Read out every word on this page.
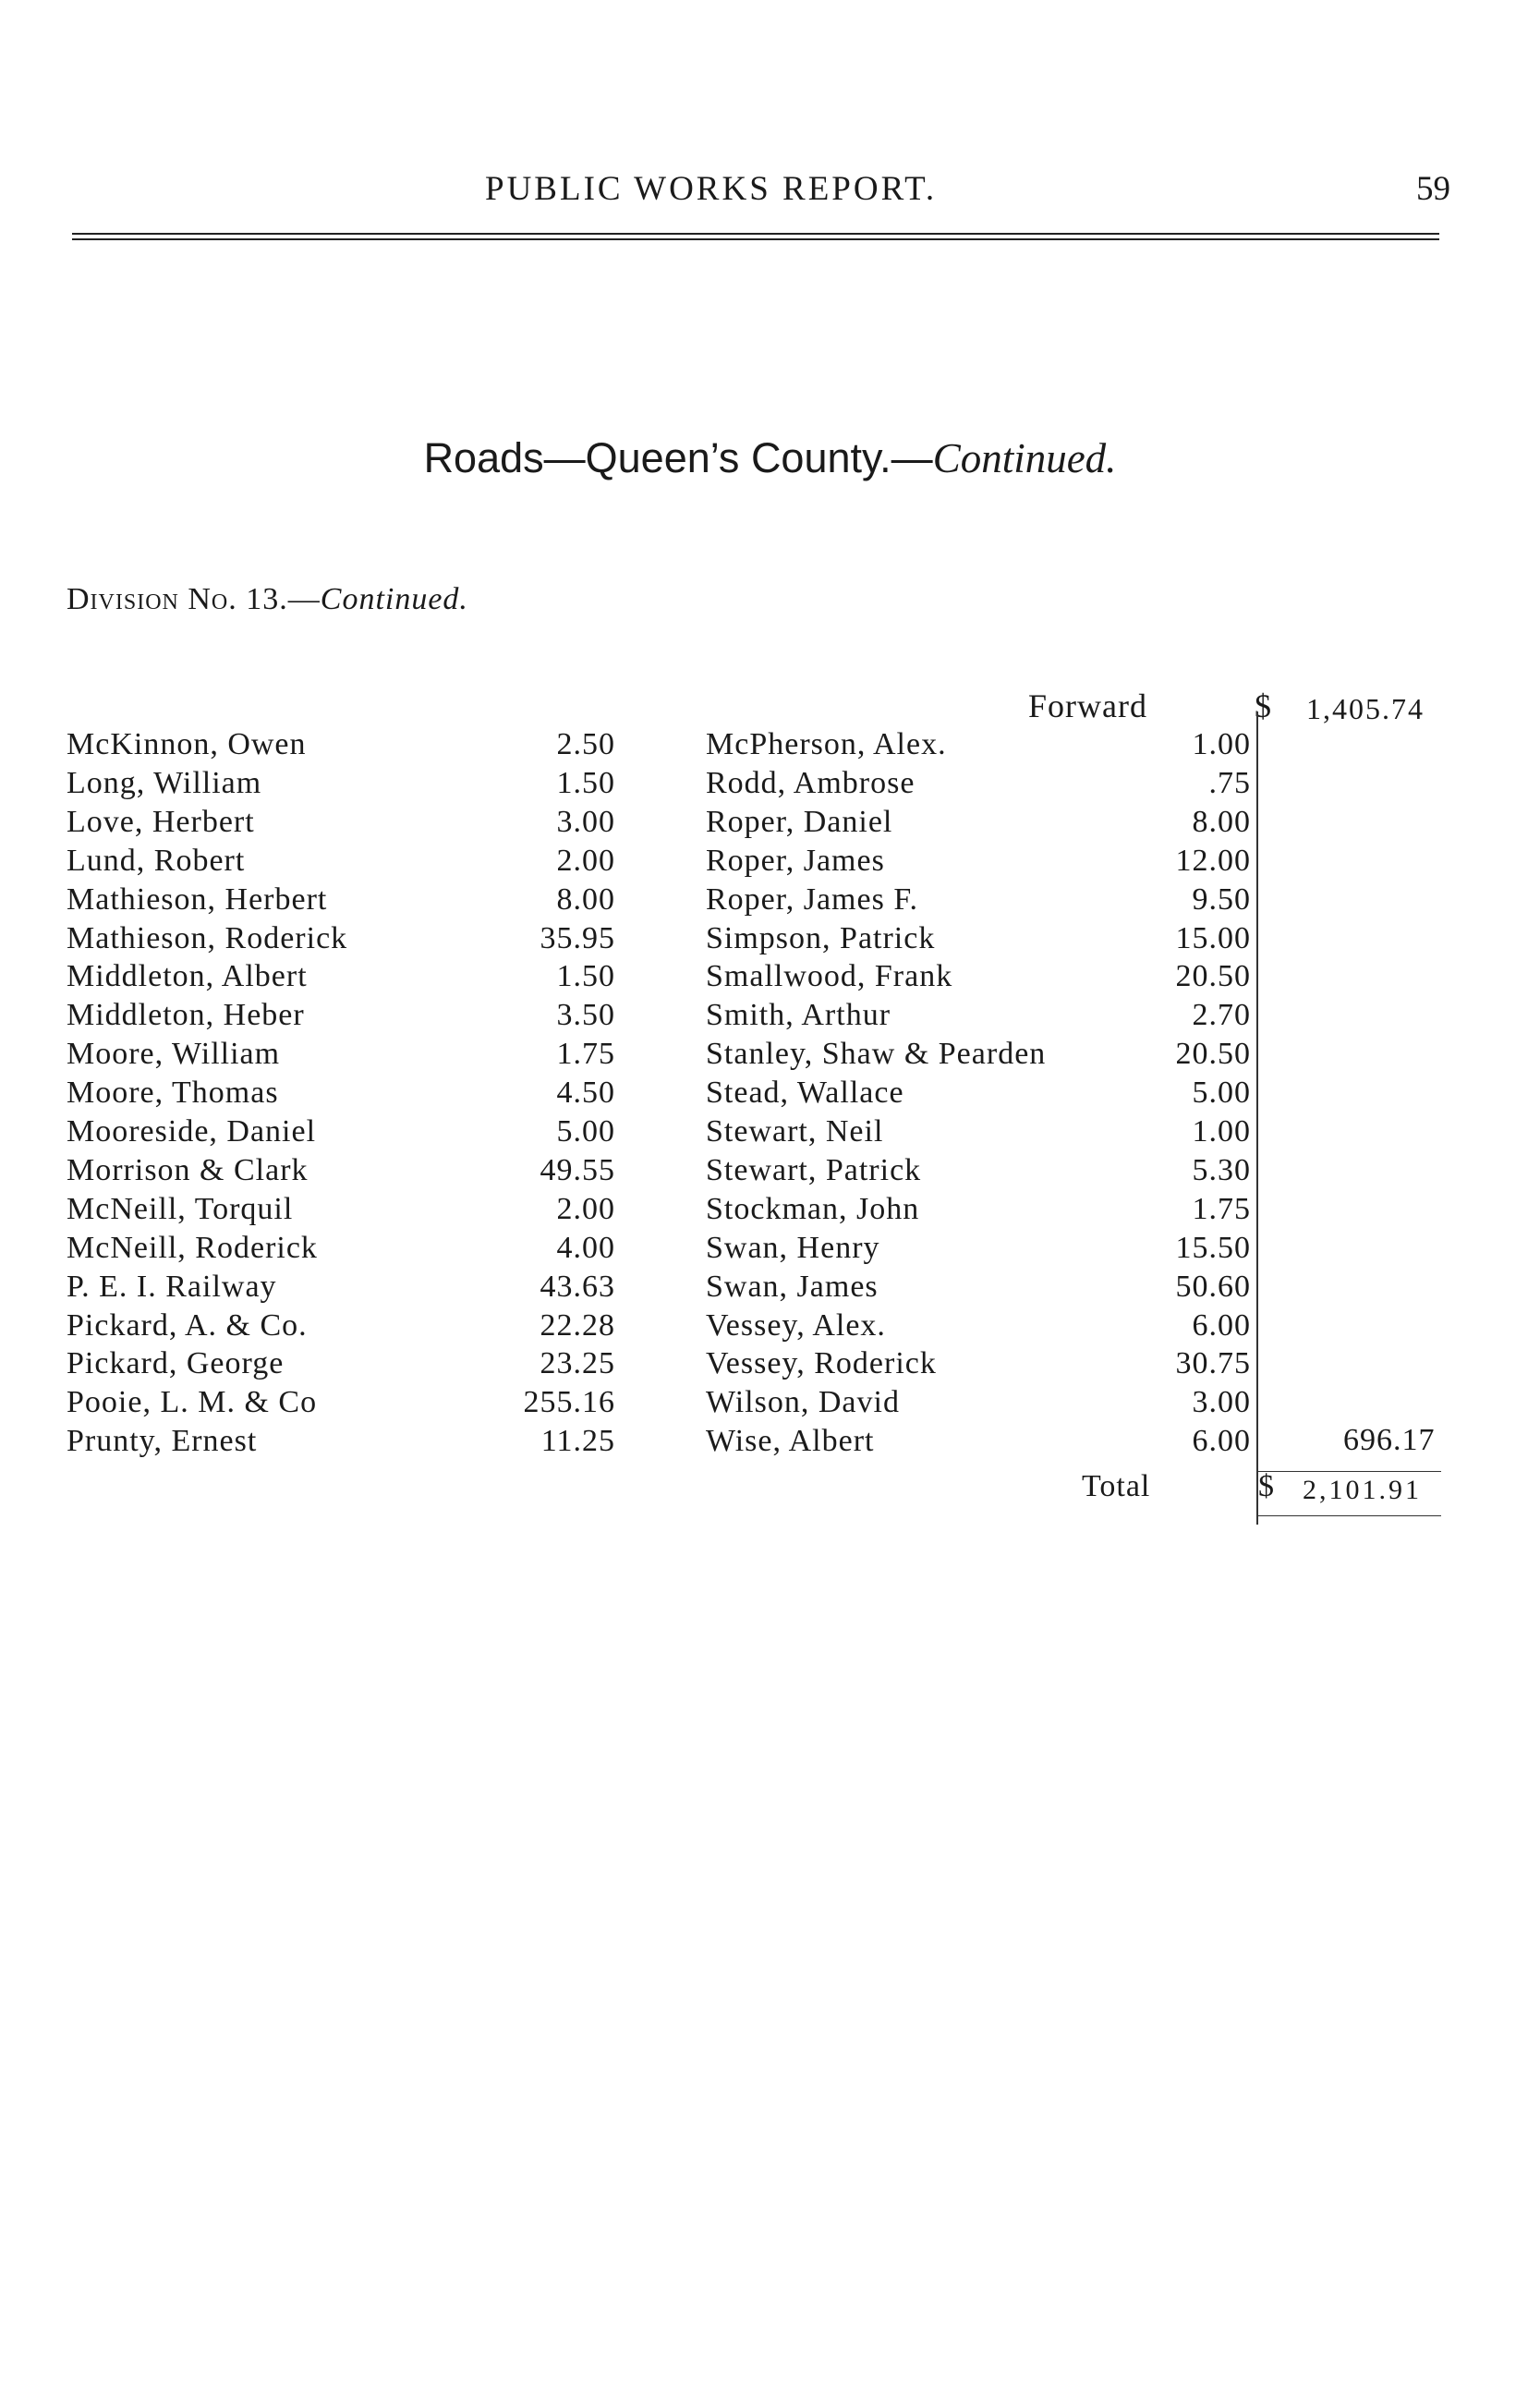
PUBLIC WORKS REPORT.	59
Roads—Queen’s County.—Continued.
Division No. 13.—Continued.
Forward	$ 1,405.74
McKinnon, Owen	2.50
Long, William	1.50
Love, Herbert	3.00
Lund, Robert	2.00
Mathieson, Herbert	8.00
Mathieson, Roderick	35.95
Middleton, Albert	1.50
Middleton, Heber	3.50
Moore, William	1.75
Moore, Thomas	4.50
Mooreside, Daniel	5.00
Morrison & Clark	49.55
McNeill, Torquil	2.00
McNeill, Roderick	4.00
P. E. I. Railway	43.63
Pickard, A. & Co.	22.28
Pickard, George	23.25
Pooie, L. M. & Co	255.16
Prunty, Ernest	11.25
McPherson, Alex.	1.00
Rodd, Ambrose	.75
Roper, Daniel	8.00
Roper, James	12.00
Roper, James F.	9.50
Simpson, Patrick	15.00
Smallwood, Frank	20.50
Smith, Arthur	2.70
Stanley, Shaw & Pearden	20.50
Stead, Wallace	5.00
Stewart, Neil	1.00
Stewart, Patrick	5.30
Stockman, John	1.75
Swan, Henry	15.50
Swan, James	50.60
Vessey, Alex.	6.00
Vessey, Roderick	30.75
Wilson, David	3.00
Wise, Albert	6.00	696.17
Total	$ 2,101.91
